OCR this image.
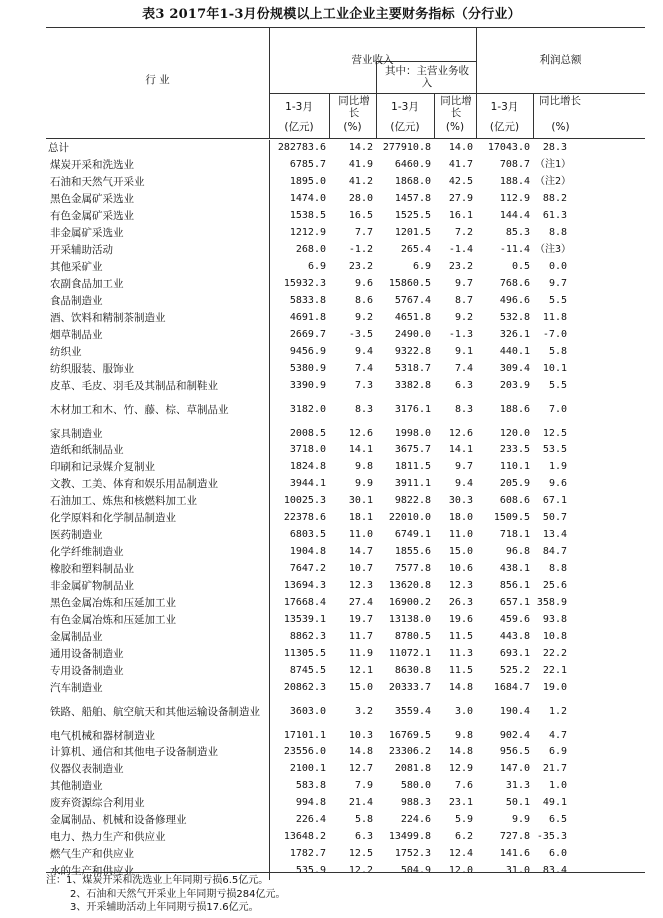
表3 2017年1-3月份规模以上工业企业主要财务指标（分行业）
行 业
营业收入
其中：主营业务收入
利润总额
1-3月
(亿元)
同比增长
(%)
1-3月
(亿元)
同比增长
(%)
1-3月
(亿元)
同比增长
(%)
总计	282783.6	14.2	277910.8	14.0	17043.0	28.3
煤炭开采和洗选业	6785.7	41.9	6460.9	41.7	708.7	（注1）
石油和天然气开采业	1895.0	41.2	1868.0	42.5	188.4	（注2）
黑色金属矿采选业	1474.0	28.0	1457.8	27.9	112.9	88.2
有色金属矿采选业	1538.5	16.5	1525.5	16.1	144.4	61.3
非金属矿采选业	1212.9	7.7	1201.5	7.2	85.3	8.8
开采辅助活动	268.0	-1.2	265.4	-1.4	-11.4	（注3）
其他采矿业	6.9	23.2	6.9	23.2	0.5	0.0
农副食品加工业	15932.3	9.6	15860.5	9.7	768.6	9.7
食品制造业	5833.8	8.6	5767.4	8.7	496.6	5.5
酒、饮料和精制茶制造业	4691.8	9.2	4651.8	9.2	532.8	11.8
烟草制品业	2669.7	-3.5	2490.0	-1.3	326.1	-7.0
纺织业	9456.9	9.4	9322.8	9.1	440.1	5.8
纺织服装、服饰业	5380.9	7.4	5318.7	7.4	309.4	10.1
皮革、毛皮、羽毛及其制品和制鞋业	3390.9	7.3	3382.8	6.3	203.9	5.5
木材加工和木、竹、藤、棕、草制品业	3182.0	8.3	3176.1	8.3	188.6	7.0
家具制造业	2008.5	12.6	1998.0	12.6	120.0	12.5
造纸和纸制品业	3718.0	14.1	3675.7	14.1	233.5	53.5
印刷和记录媒介复制业	1824.8	9.8	1811.5	9.7	110.1	1.9
文教、工美、体育和娱乐用品制造业	3944.1	9.9	3911.1	9.4	205.9	9.6
石油加工、炼焦和核燃料加工业	10025.3	30.1	9822.8	30.3	608.6	67.1
化学原料和化学制品制造业	22378.6	18.1	22010.0	18.0	1509.5	50.7
医药制造业	6803.5	11.0	6749.1	11.0	718.1	13.4
化学纤维制造业	1904.8	14.7	1855.6	15.0	96.8	84.7
橡胶和塑料制品业	7647.2	10.7	7577.8	10.6	438.1	8.8
非金属矿物制品业	13694.3	12.3	13620.8	12.3	856.1	25.6
黑色金属冶炼和压延加工业	17668.4	27.4	16900.2	26.3	657.1	358.9
有色金属冶炼和压延加工业	13539.1	19.7	13138.0	19.6	459.6	93.8
金属制品业	8862.3	11.7	8780.5	11.5	443.8	10.8
通用设备制造业	11305.5	11.9	11072.1	11.3	693.1	22.2
专用设备制造业	8745.5	12.1	8630.8	11.5	525.2	22.1
汽车制造业	20862.3	15.0	20333.7	14.8	1684.7	19.0
铁路、船舶、航空航天和其他运输设备制造业	3603.0	3.2	3559.4	3.0	190.4	1.2
电气机械和器材制造业	17101.1	10.3	16769.5	9.8	902.4	4.7
计算机、通信和其他电子设备制造业	23556.0	14.8	23306.2	14.8	956.5	6.9
仪器仪表制造业	2100.1	12.7	2081.8	12.9	147.0	21.7
其他制造业	583.8	7.9	580.0	7.6	31.3	1.0
废弃资源综合利用业	994.8	21.4	988.3	23.1	50.1	49.1
金属制品、机械和设备修理业	226.4	5.8	224.6	5.9	9.9	6.5
电力、热力生产和供应业	13648.2	6.3	13499.8	6.2	727.8	-35.3
燃气生产和供应业	1782.7	12.5	1752.3	12.4	141.6	6.0
水的生产和供应业	535.9	12.2	504.9	12.0	31.0	83.4
注：1、煤炭开采和洗选业上年同期亏损6.5亿元。
2、石油和天然气开采业上年同期亏损284亿元。
3、开采辅助活动上年同期亏损17.6亿元。
